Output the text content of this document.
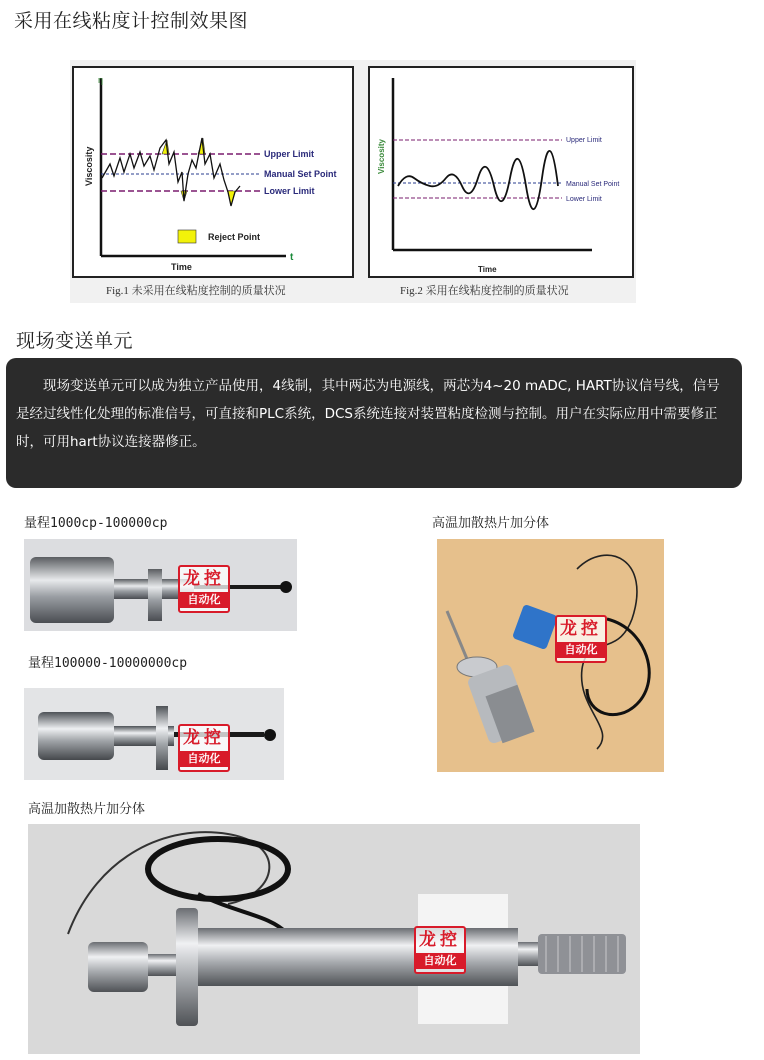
采用在线粘度计控制效果图
η
t
Viscosity
Time
Upper Limit
Manual Set Point
Lower Limit
Reject Point
Fig.1 未采用在线粘度控制的质量状况
Viscosity
Time
Upper Limit
Manual Set Point
Lower Limit
Fig.2 采用在线粘度控制的质量状况
现场变送单元

现场变送单元可以成为独立产品使用，4线制，其中两芯为电源线，两芯为4~20 mADC, HART协议信号线，信号是经过线性化处理的标准信号，可直接和PLC系统，DCS系统连接对装置粘度检测与控制。用户在实际应用中需要修正时，可用hart协议连接器修正。

量程1000cp-100000cp
龙控
自动化
量程100000-10000000cp
龙控
自动化
高温加散热片加分体
龙控
自动化
高温加散热片加分体
龙控
自动化
